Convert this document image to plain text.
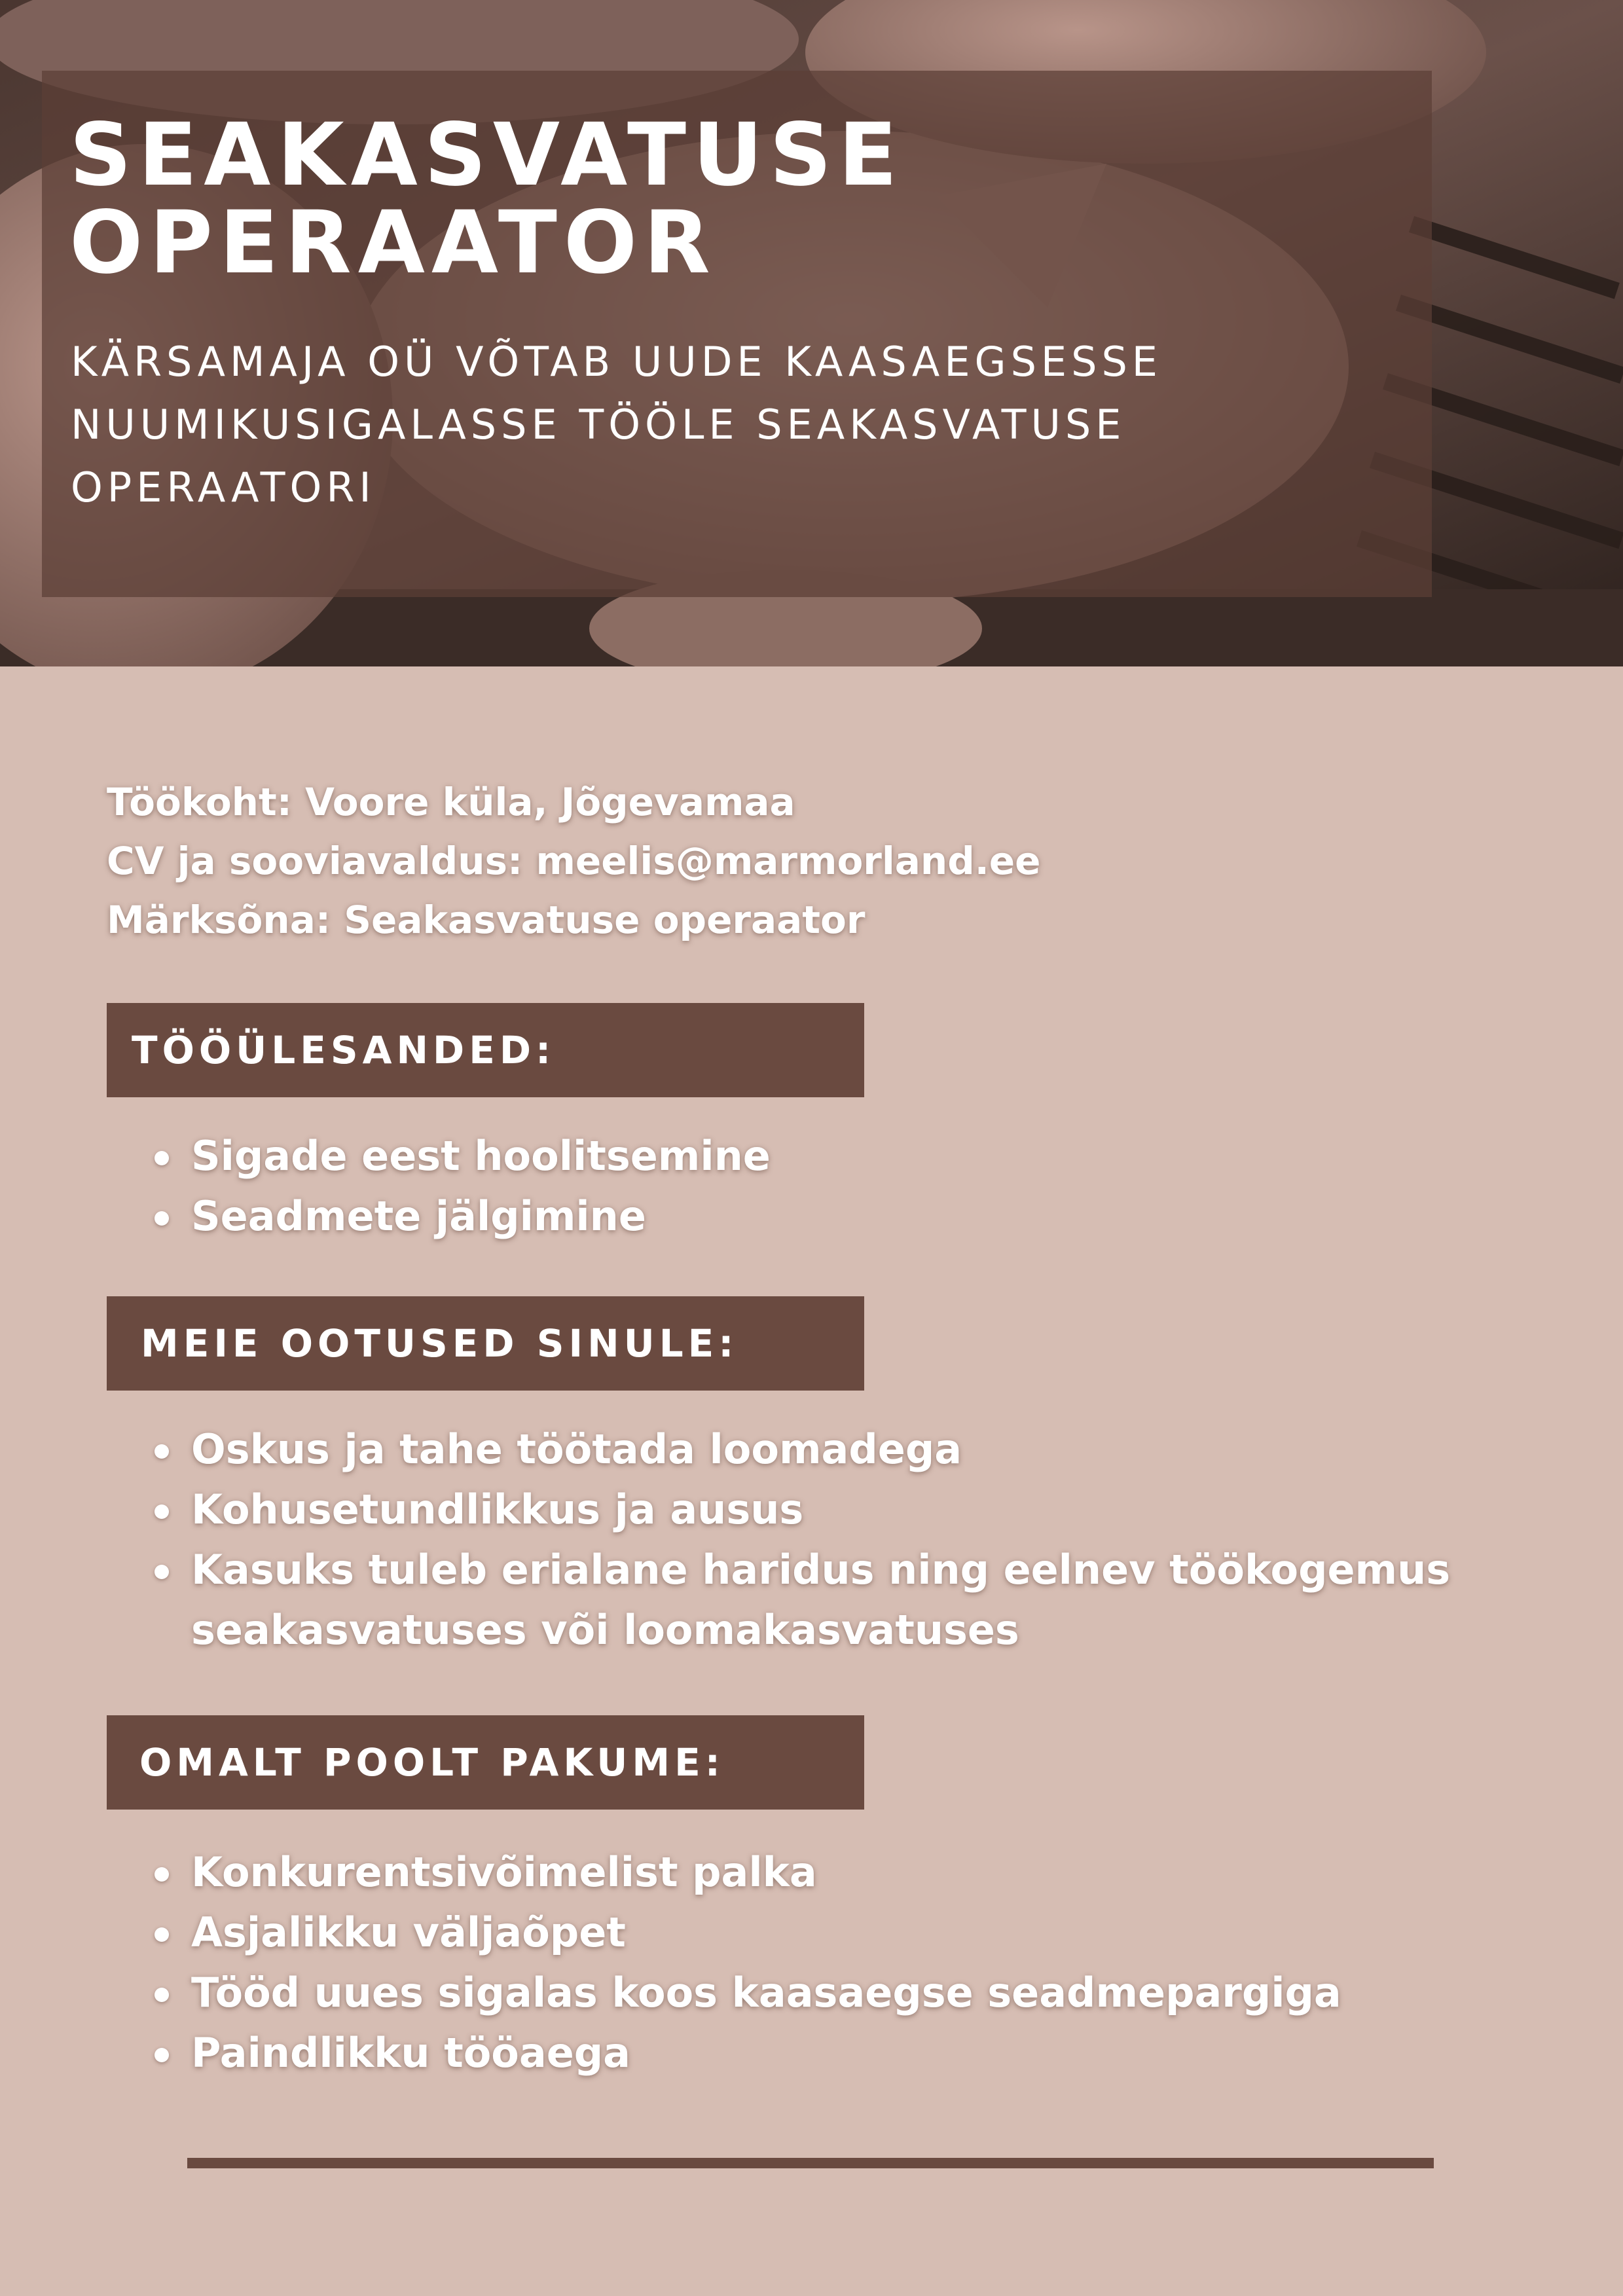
SEAKASVATUSE
OPERAATOR
KÄRSAMAJA OÜ VÕTAB UUDE KAASAEGSESSE
NUUMIKUSIGALASSE TÖÖLE SEAKASVATUSE
OPERAATORI
Töökoht: Voore küla, Jõgevamaa
CV ja sooviavaldus: meelis@marmorland.ee
Märksõna: Seakasvatuse operaator
TÖÖÜLESANDED:
Sigade eest hoolitsemine
Seadmete jälgimine
MEIE OOTUSED SINULE:
Oskus ja tahe töötada loomadega
Kohusetundlikkus ja ausus
Kasuks tuleb erialane haridus ning eelnev töökogemus
seakasvatuses või loomakasvatuses
OMALT POOLT PAKUME:
Konkurentsivõimelist palka
Asjalikku väljaõpet
Tööd uues sigalas koos kaasaegse seadmepargiga
Paindlikku tööaega
